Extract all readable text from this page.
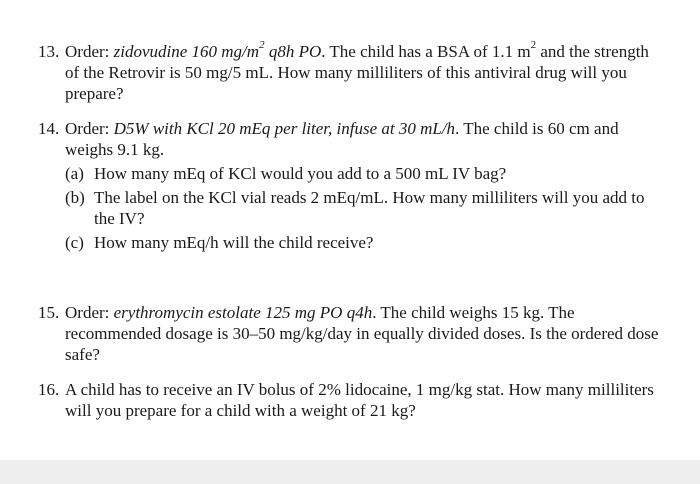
13. Order: zidovudine 160 $mg/m^2$ q8h PO. The child has a BSA of 1.1 $m^2$ and the strength of the Retrovir is 50 mg/5 mL. How many milliliters of this antiviral drug will you prepare?
14. Order: D5W with KCl 20 mEq per liter, infuse at 30 mL/h. The child is 60 cm and weighs 9.1 kg.
(a) How many mEq of KCl would you add to a 500 mL IV bag?
(b) The label on the KCl vial reads 2 mEq/mL. How many milliliters will you add to the IV?
(c) How many mEq/h will the child receive?
15. Order: erythromycin estolate 125 mg PO q4h. The child weighs 15 kg. The recommended dosage is 30–50 mg/kg/day in equally divided doses. Is the ordered dose safe?
16. A child has to receive an IV bolus of 2% lidocaine, 1 mg/kg stat. How many milliliters will you prepare for a child with a weight of 21 kg?
